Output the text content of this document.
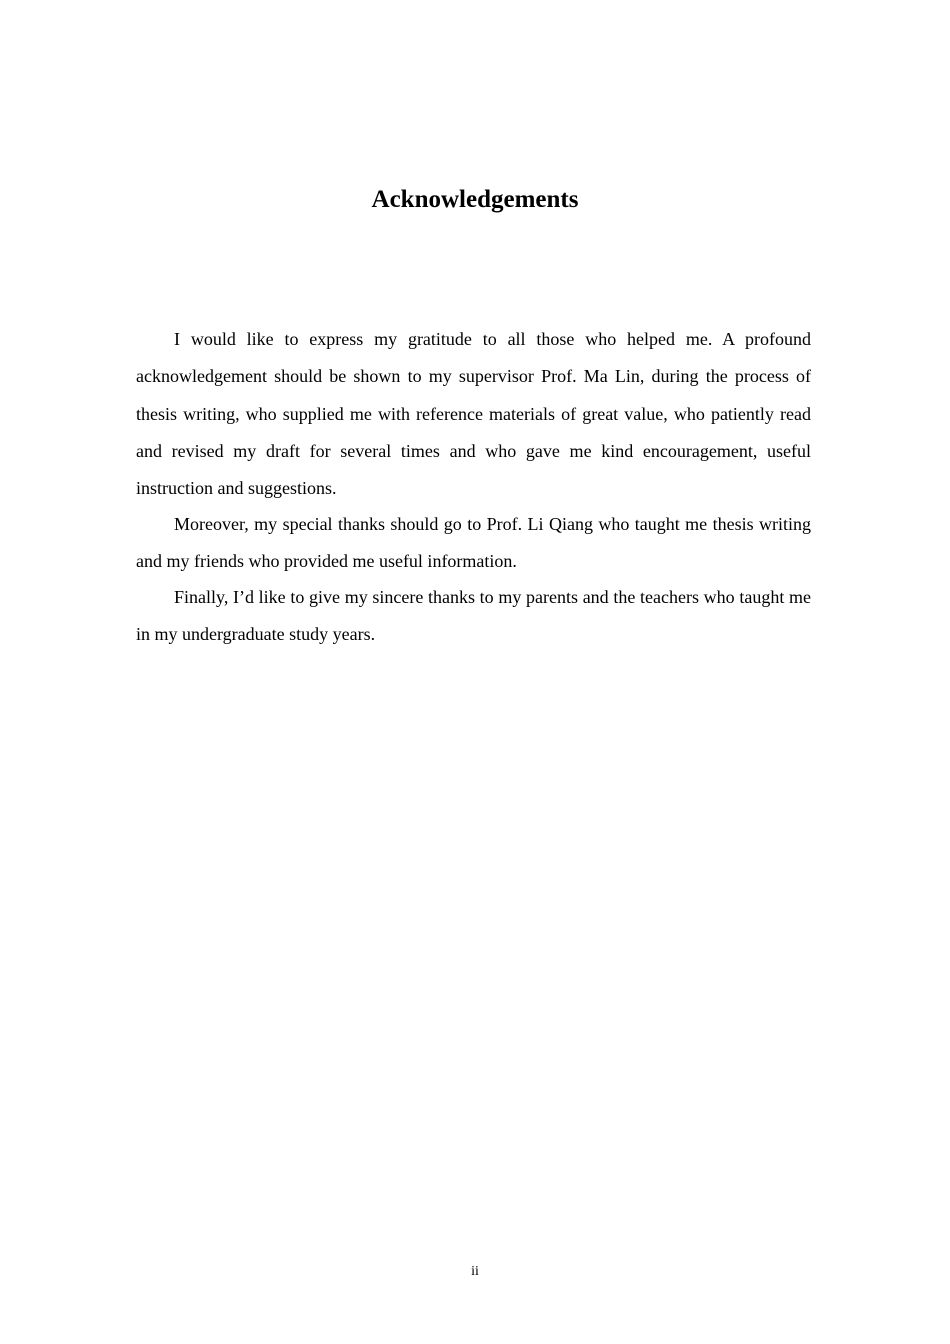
Acknowledgements

I would like to express my gratitude to all those who helped me. A profound acknowledgement should be shown to my supervisor Prof. Ma Lin, during the process of thesis writing, who supplied me with reference materials of great value, who patiently read and revised my draft for several times and who gave me kind encouragement, useful instruction and suggestions.

Moreover, my special thanks should go to Prof. Li Qiang who taught me thesis writing and my friends who provided me useful information.

Finally, I’d like to give my sincere thanks to my parents and the teachers who taught me in my undergraduate study years.

ii
